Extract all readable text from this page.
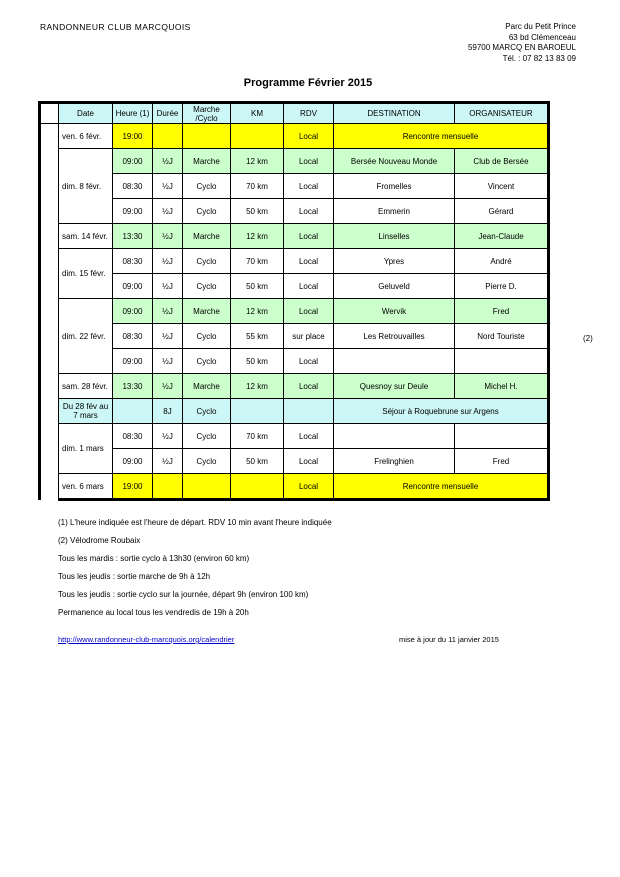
RANDONNEUR CLUB MARCQUOIS	Parc du Petit Prince
63 bd Clémenceau
59700 MARCQ EN BAROEUL
Tél. : 07 82 13 83 09
Programme Février 2015
	Date	Heure (1)	Durée	Marche /Cyclo	KM	RDV	DESTINATION	ORGANISATEUR
	ven. 6 févr.	19:00				Local	Rencontre mensuelle	
	dim. 8 févr.	09:00	½J	Marche	12 km	Local	Bersée Nouveau Monde	Club de Bersée
		08:30	½J	Cyclo	70 km	Local	Fromelles	Vincent
		09:00	½J	Cyclo	50 km	Local	Emmerin	Gérard
	sam. 14 févr.	13:30	½J	Marche	12 km	Local	Linselles	Jean-Claude
	dim. 15 févr.	08:30	½J	Cyclo	70 km	Local	Ypres	André
		09:00	½J	Cyclo	50 km	Local	Geluveld	Pierre D.
	dim. 22 févr.	09:00	½J	Marche	12 km	Local	Wervik	Fred
		08:30	½J	Cyclo	55 km	sur place	Les Retrouvailles	Nord Touriste
		09:00	½J	Cyclo	50 km	Local		
	sam. 28 févr.	13:30	½J	Marche	12 km	Local	Quesnoy sur Deule	Michel H.
	Du 28 fév au 7 mars		8J	Cyclo			Séjour à Roquebrune sur Argens	
	dim. 1 mars	08:30	½J	Cyclo	70 km	Local		
		09:00	½J	Cyclo	50 km	Local	Frelinghien	Fred
	ven. 6 mars	19:00				Local	Rencontre mensuelle	
(2)
(1) L'heure indiquée est l'heure de départ. RDV 10 min avant l'heure indiquée
(2) Vélodrome Roubaix
Tous les mardis : sortie cyclo à 13h30 (environ 60 km)
Tous les jeudis : sortie marche de 9h à 12h
Tous les jeudis : sortie cyclo sur la journée, départ 9h (environ 100 km)
Permanence au local tous les vendredis de 19h à 20h
http://www.randonneur-club-marcquois.org/calendrier	mise à jour du 11 janvier 2015
